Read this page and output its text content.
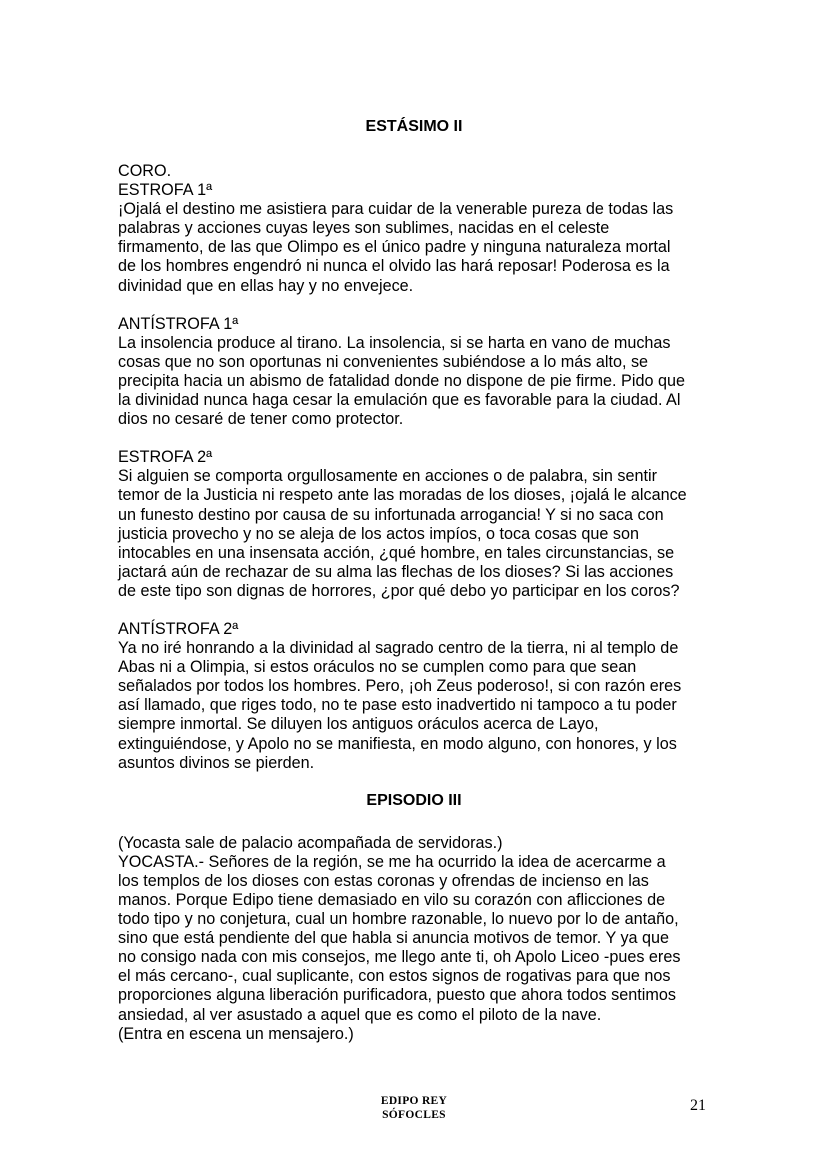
ESTÁSIMO II

CORO.

ESTROFA 1ª

¡Ojalá el destino me asistiera para cuidar de la venerable pureza de todas las

palabras y acciones cuyas leyes son sublimes, nacidas en el celeste

firmamento, de las que Olimpo es el único padre y ninguna naturaleza mortal

de los hombres engendró ni nunca el olvido las hará reposar! Poderosa es la

divinidad que en ellas hay y no envejece.

ANTÍSTROFA 1ª

La insolencia produce al tirano. La insolencia, si se harta en vano de muchas

cosas que no son oportunas ni convenientes subiéndose a lo más alto, se

precipita hacia un abismo de fatalidad donde no dispone de pie firme. Pido que

la divinidad nunca haga cesar la emulación que es favorable para la ciudad. Al

dios no cesaré de tener como protector.

ESTROFA 2ª

Si alguien se comporta orgullosamente en acciones o de palabra, sin sentir

temor de la Justicia ni respeto ante las moradas de los dioses, ¡ojalá le alcance

un funesto destino por causa de su infortunada arrogancia! Y si no saca con

justicia provecho y no se aleja de los actos impíos, o toca cosas que son

intocables en una insensata acción, ¿qué hombre, en tales circunstancias, se

jactará aún de rechazar de su alma las flechas de los dioses? Si las acciones

de este tipo son dignas de horrores, ¿por qué debo yo participar en los coros?

ANTÍSTROFA 2ª

Ya no iré honrando a la divinidad al sagrado centro de la tierra, ni al templo de

Abas ni a Olimpia, si estos oráculos no se cumplen como para que sean

señalados por todos los hombres. Pero, ¡oh Zeus poderoso!, si con razón eres

así llamado, que riges todo, no te pase esto inadvertido ni tampoco a tu poder

siempre inmortal. Se diluyen los antiguos oráculos acerca de Layo,

extinguiéndose, y Apolo no se manifiesta, en modo alguno, con honores, y los

asuntos divinos se pierden.

EPISODIO III

(Yocasta sale de palacio acompañada de servidoras.)

YOCASTA.- Señores de la región, se me ha ocurrido la idea de acercarme a

los templos de los dioses con estas coronas y ofrendas de incienso en las

manos. Porque Edipo tiene demasiado en vilo su corazón con aflicciones de

todo tipo y no conjetura, cual un hombre razonable, lo nuevo por lo de antaño,

sino que está pendiente del que habla si anuncia motivos de temor. Y ya que

no consigo nada con mis consejos, me llego ante ti, oh Apolo Liceo -pues eres

el más cercano-, cual suplicante, con estos signos de rogativas para que nos

proporciones alguna liberación purificadora, puesto que ahora todos sentimos

ansiedad, al ver asustado a aquel que es como el piloto de la nave.

(Entra en escena un mensajero.)

EDIPO REY
SÓFOCLES
21
